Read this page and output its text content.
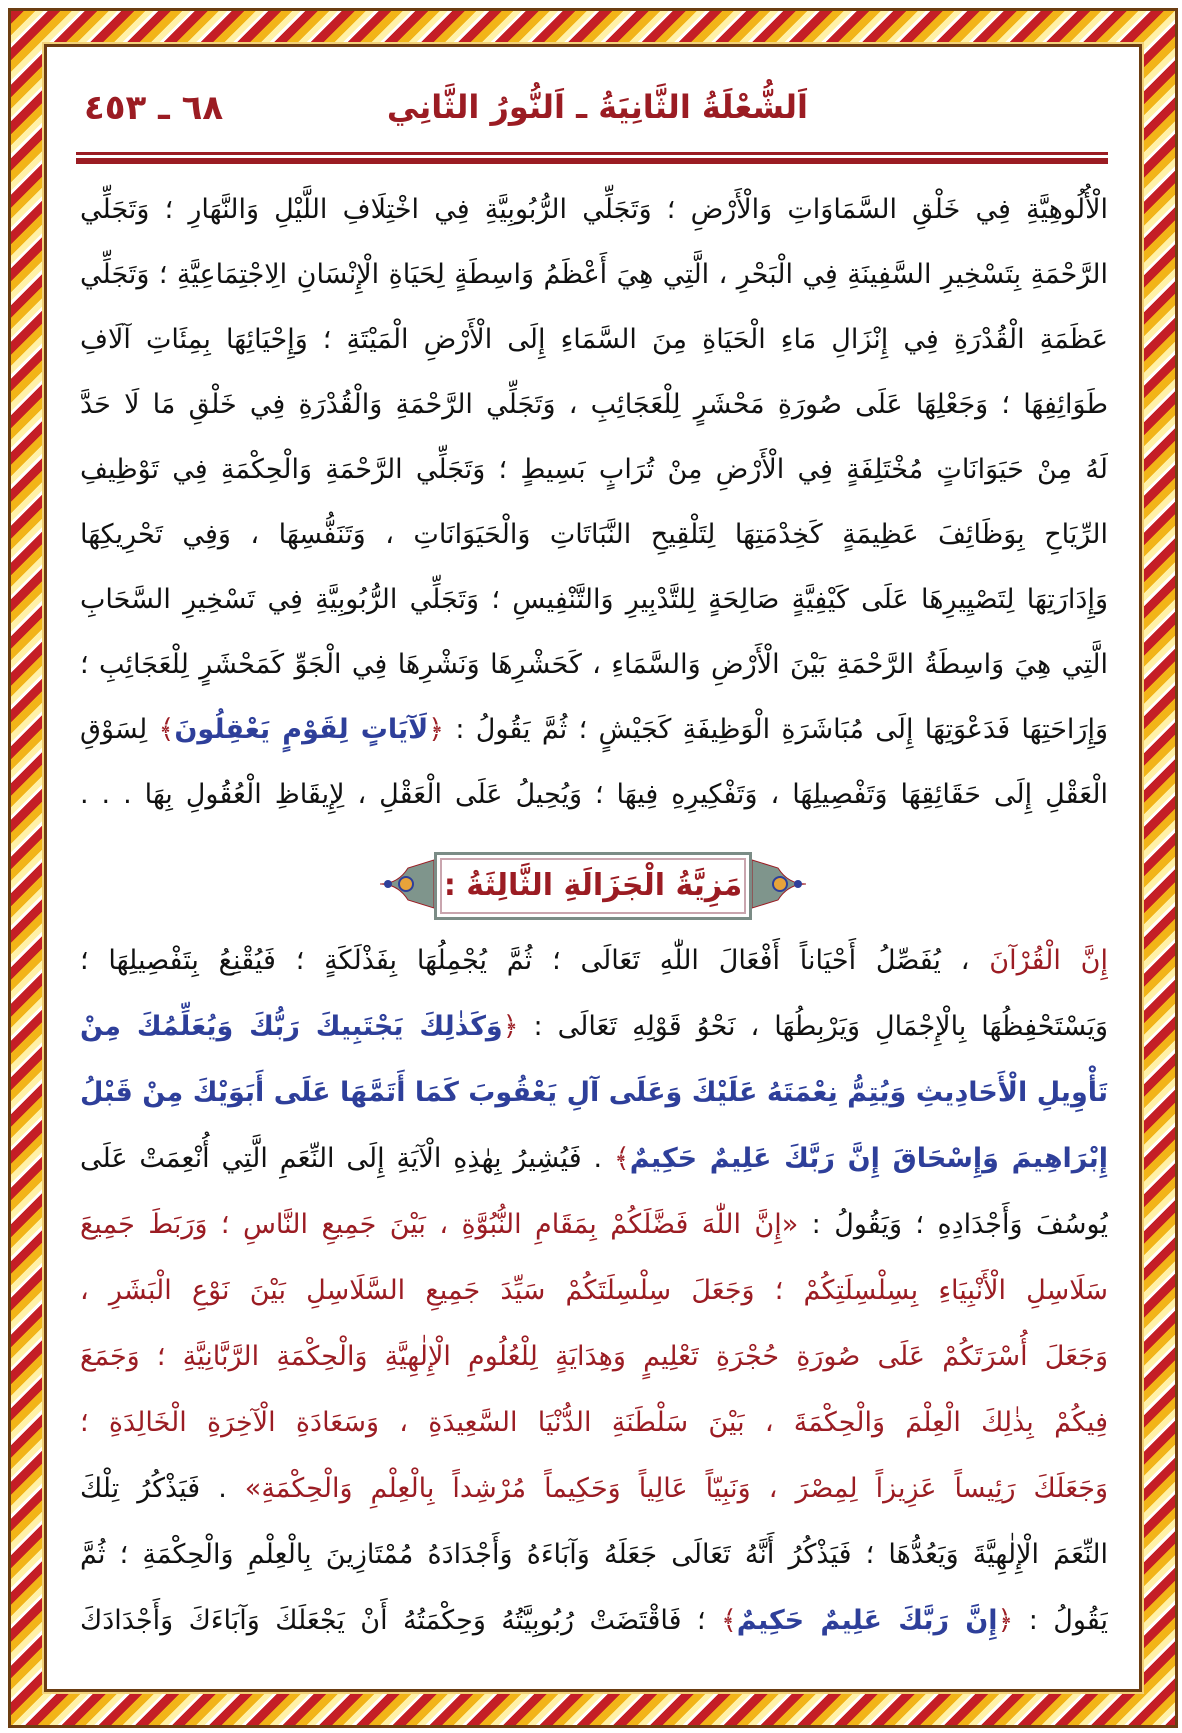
٦٨ ـ ٤٥٣	اَلشُّعْلَةُ الثَّانِيَةُ ـ اَلنُّورُ الثَّانِي
الْأُلُوهِيَّةِ فِي خَلْقِ السَّمَاوَاتِ وَالْأَرْضِ ؛ وَتَجَلِّي الرُّبُوبِيَّةِ فِي اخْتِلَافِ اللَّيْلِ وَالنَّهَارِ ؛ وَتَجَلِّي
الرَّحْمَةِ بِتَسْخِيرِ السَّفِينَةِ فِي الْبَحْرِ ، الَّتِي هِيَ أَعْظَمُ وَاسِطَةٍ لِحَيَاةِ الْإِنْسَانِ الِاجْتِمَاعِيَّةِ ؛ وَتَجَلِّي
عَظَمَةِ الْقُدْرَةِ فِي إِنْزَالِ مَاءِ الْحَيَاةِ مِنَ السَّمَاءِ إِلَى الْأَرْضِ الْمَيْتَةِ ؛ وَإِحْيَائِهَا بِمِئَاتِ آلَافِ
طَوَائِفِهَا ؛ وَجَعْلِهَا عَلَى صُورَةِ مَحْشَرٍ لِلْعَجَائِبِ ، وَتَجَلِّي الرَّحْمَةِ وَالْقُدْرَةِ فِي خَلْقِ مَا لَا حَدَّ
لَهُ مِنْ حَيَوَانَاتٍ مُخْتَلِفَةٍ فِي الْأَرْضِ مِنْ تُرَابٍ بَسِيطٍ ؛ وَتَجَلِّي الرَّحْمَةِ وَالْحِكْمَةِ فِي تَوْظِيفِ
الرِّيَاحِ بِوَظَائِفَ عَظِيمَةٍ كَخِدْمَتِهَا لِتَلْقِيحِ النَّبَاتَاتِ وَالْحَيَوَانَاتِ ، وَتَنَفُّسِهَا ، وَفِي تَحْرِيكِهَا
وَإِدَارَتِهَا لِتَصْيِيرِهَا عَلَى كَيْفِيَّةٍ صَالِحَةٍ لِلتَّدْبِيرِ وَالتَّنْفِيسِ ؛ وَتَجَلِّي الرُّبُوبِيَّةِ فِي تَسْخِيرِ السَّحَابِ
الَّتِي هِيَ وَاسِطَةُ الرَّحْمَةِ بَيْنَ الْأَرْضِ وَالسَّمَاءِ ، كَحَشْرِهَا وَنَشْرِهَا فِي الْجَوِّ كَمَحْشَرٍ لِلْعَجَائِبِ ؛
وَإِرَاحَتِهَا فَدَعْوَتِهَا إِلَى مُبَاشَرَةِ الْوَظِيفَةِ كَجَيْشٍ ؛ ثُمَّ يَقُولُ : ﴿لَآيَاتٍ لِقَوْمٍ يَعْقِلُونَ﴾ لِسَوْقِ
الْعَقْلِ إِلَى حَقَائِقِهَا وَتَفْصِيلِهَا ، وَتَفْكِيرِهِ فِيهَا ؛ وَيُحِيلُ عَلَى الْعَقْلِ ، لِإِيقَاظِ الْعُقُولِ بِهَا . . .
مَزِيَّةُ الْجَزَالَةِ الثَّالِثَةُ :
إِنَّ الْقُرْآنَ ، يُفَصِّلُ أَحْيَاناً أَفْعَالَ اللّٰهِ تَعَالَى ؛ ثُمَّ يُجْمِلُهَا بِفَذْلَكَةٍ ؛ فَيُقْنِعُ بِتَفْصِيلِهَا ؛
وَيَسْتَحْفِظُهَا بِالْإِجْمَالِ وَيَرْبِطُهَا ، نَحْوُ قَوْلِهِ تَعَالَى : ﴿وَكَذٰلِكَ يَجْتَبِيكَ رَبُّكَ وَيُعَلِّمُكَ مِنْ
تَأْوِيلِ الْأَحَادِيثِ وَيُتِمُّ نِعْمَتَهُ عَلَيْكَ وَعَلَى آلِ يَعْقُوبَ كَمَا أَتَمَّهَا عَلَى أَبَوَيْكَ مِنْ قَبْلُ
إِبْرَاهِيمَ وَإِسْحَاقَ إِنَّ رَبَّكَ عَلِيمٌ حَكِيمٌ﴾ . فَيُشِيرُ بِهٰذِهِ الْآيَةِ إِلَى النِّعَمِ الَّتِي أُنْعِمَتْ عَلَى
يُوسُفَ وَأَجْدَادِهِ ؛ وَيَقُولُ : «إِنَّ اللّٰهَ فَضَّلَكُمْ بِمَقَامِ النُّبُوَّةِ ، بَيْنَ جَمِيعِ النَّاسِ ؛ وَرَبَطَ جَمِيعَ
سَلَاسِلِ الْأَنْبِيَاءِ بِسِلْسِلَتِكُمْ ؛ وَجَعَلَ سِلْسِلَتَكُمْ سَيِّدَ جَمِيعِ السَّلَاسِلِ بَيْنَ نَوْعِ الْبَشَرِ ،
وَجَعَلَ أُسْرَتَكُمْ عَلَى صُورَةِ حُجْرَةِ تَعْلِيمٍ وَهِدَايَةٍ لِلْعُلُومِ الْإِلٰهِيَّةِ وَالْحِكْمَةِ الرَّبَّانِيَّةِ ؛ وَجَمَعَ
فِيكُمْ بِذٰلِكَ الْعِلْمَ وَالْحِكْمَةَ ، بَيْنَ سَلْطَنَةِ الدُّنْيَا السَّعِيدَةِ ، وَسَعَادَةِ الْآخِرَةِ الْخَالِدَةِ ؛
وَجَعَلَكَ رَئِيساً عَزِيزاً لِمِصْرَ ، وَنَبِيّاً عَالِياً وَحَكِيماً مُرْشِداً بِالْعِلْمِ وَالْحِكْمَةِ» . فَيَذْكُرُ تِلْكَ
النِّعَمَ الْإِلٰهِيَّةَ وَيَعُدُّهَا ؛ فَيَذْكُرُ أَنَّهُ تَعَالَى جَعَلَهُ وَآبَاءَهُ وَأَجْدَادَهُ مُمْتَازِينَ بِالْعِلْمِ وَالْحِكْمَةِ ؛ ثُمَّ
يَقُولُ : ﴿إِنَّ رَبَّكَ عَلِيمٌ حَكِيمٌ﴾ ؛ فَاقْتَضَتْ رُبُوبِيَّتُهُ وَحِكْمَتُهُ أَنْ يَجْعَلَكَ وَآبَاءَكَ وَأَجْدَادَكَ
